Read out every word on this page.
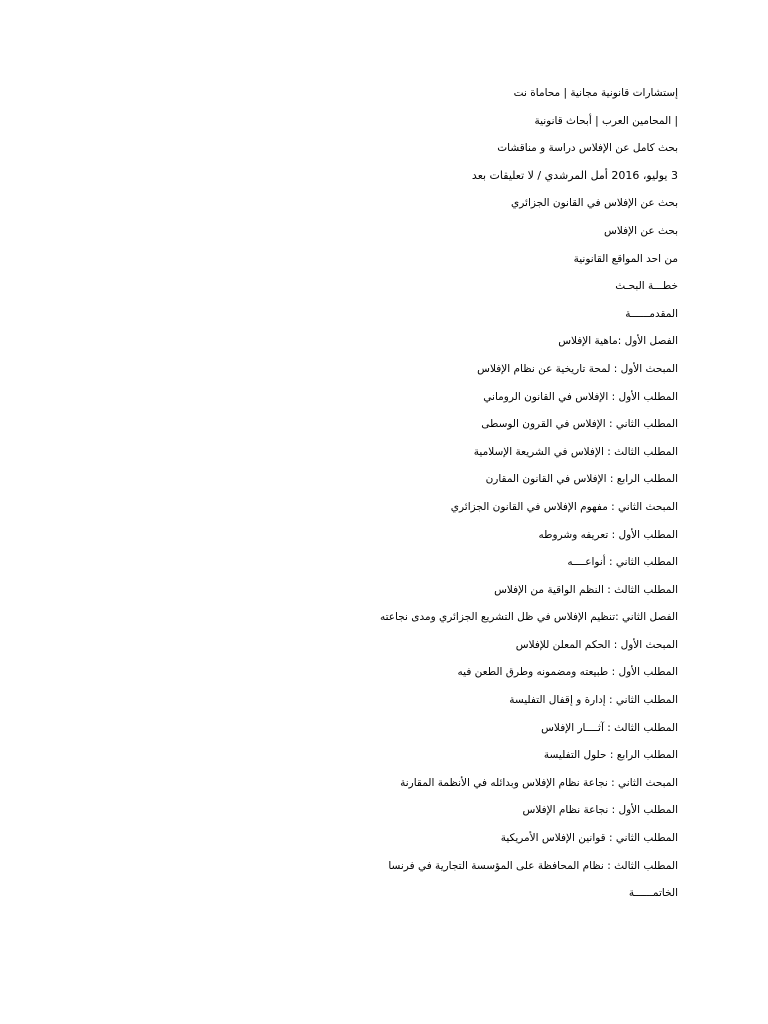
إستشارات قانونية مجانية | محاماة نت
| المحامين العرب | أبحاث قانونية
بحث كامل عن الإفلاس دراسة و مناقشات
3 يوليو، 2016 أمل المرشدي / لا تعليقات بعد
بحث عن الإفلاس في القانون الجزائري
بحث عن الإفلاس
من احد المواقع القانونية
خطـــة البحـث
المقدمــــــة
الفصل الأول :ماهية الإفلاس
المبحث الأول : لمحة تاريخية عن نظام الإفلاس
المطلب الأول : الإفلاس في القانون الروماني
المطلب الثاني : الإفلاس في القرون الوسطى
المطلب الثالث : الإفلاس في الشريعة الإسلامية
المطلب الرابع : الإفلاس في القانون المقارن
المبحث الثاني : مفهوم الإفلاس في القانون الجزائري
المطلب الأول : تعريفه وشروطه
المطلب الثاني : أنواعــــه
المطلب الثالث : النظم الواقية من الإفلاس
الفصل الثاني :تنظيم الإفلاس في ظل التشريع الجزائري ومدى نجاعته
المبحث الأول : الحكم المعلن للإفلاس
المطلب الأول : طبيعته ومضمونه وطرق الطعن فيه
المطلب الثاني : إدارة و إقفال التفليسة
المطلب الثالث : آثــــار الإفلاس
المطلب الرابع : حلول التفليسة
المبحث الثاني : نجاعة نظام الإفلاس وبدائله في الأنظمة المقارنة
المطلب الأول : نجاعة نظام الإفلاس
المطلب الثاني : قوانين الإفلاس الأمريكية
المطلب الثالث : نظام المحافظة على المؤسسة التجارية في فرنسا
الخاتمــــــة
